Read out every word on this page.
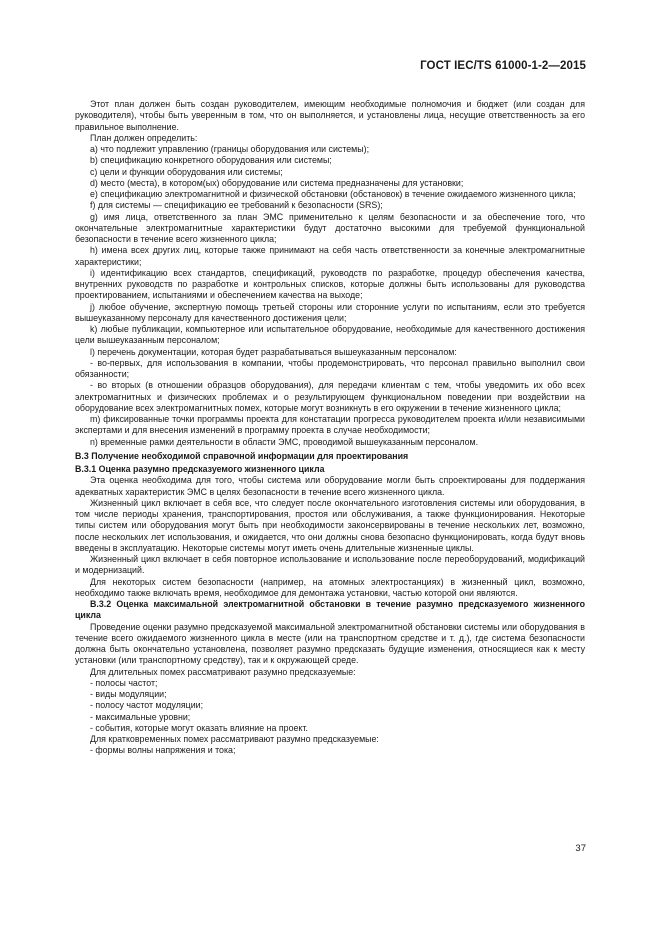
ГОСТ IEC/TS 61000-1-2—2015

Этот план должен быть создан руководителем, имеющим необходимые полномочия и бюджет (или создан для руководителя), чтобы быть уверенным в том, что он выполняется, и установлены лица, несущие ответственность за его правильное выполнение.

План должен определить:

a) что подлежит управлению (границы оборудования или системы);

b) спецификацию конкретного оборудования или системы;

c) цели и функции оборудования или системы;

d) место (места), в котором(ых) оборудование или система предназначены для установки;

e) спецификацию электромагнитной и физической обстановки (обстановок) в течение ожидаемого жизненного цикла;

f) для системы — спецификацию ее требований к безопасности (SRS);

g) имя лица, ответственного за план ЭМС применительно к целям безопасности и за обеспечение того, что окончательные электромагнитные характеристики будут достаточно высокими для требуемой функциональной безопасности в течение всего жизненного цикла;

h) имена всех других лиц, которые также принимают на себя часть ответственности за конечные электромагнитные характеристики;

i) идентификацию всех стандартов, спецификаций, руководств по разработке, процедур обеспечения качества, внутренних руководств по разработке и контрольных списков, которые должны быть использованы для руководства проектированием, испытаниями и обеспечением качества на выходе;

j) любое обучение, экспертную помощь третьей стороны или сторонние услуги по испытаниям, если это требуется вышеуказанному персоналу для качественного достижения цели;

k) любые публикации, компьютерное или испытательное оборудование, необходимые для качественного достижения цели вышеуказанным персоналом;

l) перечень документации, которая будет разрабатываться вышеуказанным персоналом:

- во-первых, для использования в компании, чтобы продемонстрировать, что персонал правильно выполнил свои обязанности;

- во вторых (в отношении образцов оборудования), для передачи клиентам с тем, чтобы уведомить их обо всех электромагнитных и физических проблемах и о результирующем функциональном поведении при воздействии на оборудование всех электромагнитных помех, которые могут возникнуть в его окружении в течение жизненного цикла;

m) фиксированные точки программы проекта для констатации прогресса руководителем проекта и/или независимыми экспертами и для внесения изменений в программу проекта в случае необходимости;

n) временные рамки деятельности в области ЭМС, проводимой вышеуказанным персоналом.

B.3 Получение необходимой справочной информации для проектирования

B.3.1 Оценка разумно предсказуемого жизненного цикла

Эта оценка необходима для того, чтобы система или оборудование могли быть спроектированы для поддержания адекватных характеристик ЭМС в целях безопасности в течение всего жизненного цикла.

Жизненный цикл включает в себя все, что следует после окончательного изготовления системы или оборудования, в том числе периоды хранения, транспортирования, простоя или обслуживания, а также функционирования. Некоторые типы систем или оборудования могут быть при необходимости законсервированы в течение нескольких лет, возможно, после нескольких лет использования, и ожидается, что они должны снова безопасно функционировать, когда будут вновь введены в эксплуатацию. Некоторые системы могут иметь очень длительные жизненные циклы.

Жизненный цикл включает в себя повторное использование и использование после переоборудований, модификаций и модернизаций.

Для некоторых систем безопасности (например, на атомных электростанциях) в жизненный цикл, возможно, необходимо также включать время, необходимое для демонтажа установки, частью которой они являются.

B.3.2 Оценка максимальной электромагнитной обстановки в течение разумно предсказуемого жизненного цикла

Проведение оценки разумно предсказуемой максимальной электромагнитной обстановки системы или оборудования в течение всего ожидаемого жизненного цикла в месте (или на транспортном средстве и т. д.), где система безопасности должна быть окончательно установлена, позволяет разумно предсказать будущие изменения, относящиеся как к месту установки (или транспортному средству), так и к окружающей среде.

Для длительных помех рассматривают разумно предсказуемые:

- полосы частот;

- виды модуляции;

- полосу частот модуляции;

- максимальные уровни;

- события, которые могут оказать влияние на проект.

Для кратковременных помех рассматривают разумно предсказуемые:

- формы волны напряжения и тока;

37
